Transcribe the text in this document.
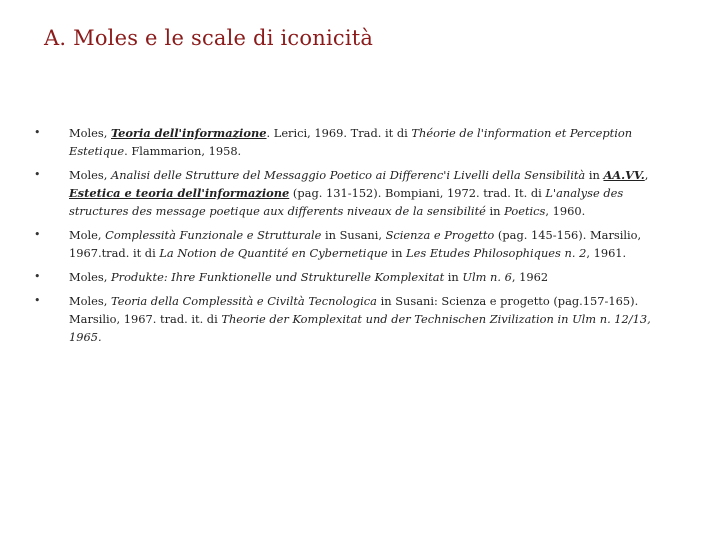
A. Moles e le scale di iconicità
•	Moles, Teoria dell'informazione. Lerici, 1969. Trad. it di Théorie de l'information et Perception Estetique. Flammarion, 1958.
•	Moles, Analisi delle Strutture del Messaggio Poetico ai Differenc'i Livelli della Sensibilità in AA.VV., Estetica e teoria dell'informazione (pag. 131-152). Bompiani, 1972. trad. It. di L'analyse des structures des message poetique aux differents niveaux de la sensibilité in Poetics, 1960.
•	Mole, Complessità Funzionale e Strutturale in Susani, Scienza e Progetto (pag. 145-156). Marsilio, 1967.trad. it di La Notion de Quantité en Cybernetique in Les Etudes Philosophiques n. 2, 1961.
•	Moles, Produkte: Ihre Funktionelle und Strukturelle Komplexitat in Ulm n. 6, 1962
•	Moles, Teoria della Complessità e Civiltà Tecnologica in Susani: Scienza e progetto (pag.157-165). Marsilio, 1967. trad. it. di Theorie der Komplexitat und der Technischen Zivilization in Ulm n. 12/13, 1965.
